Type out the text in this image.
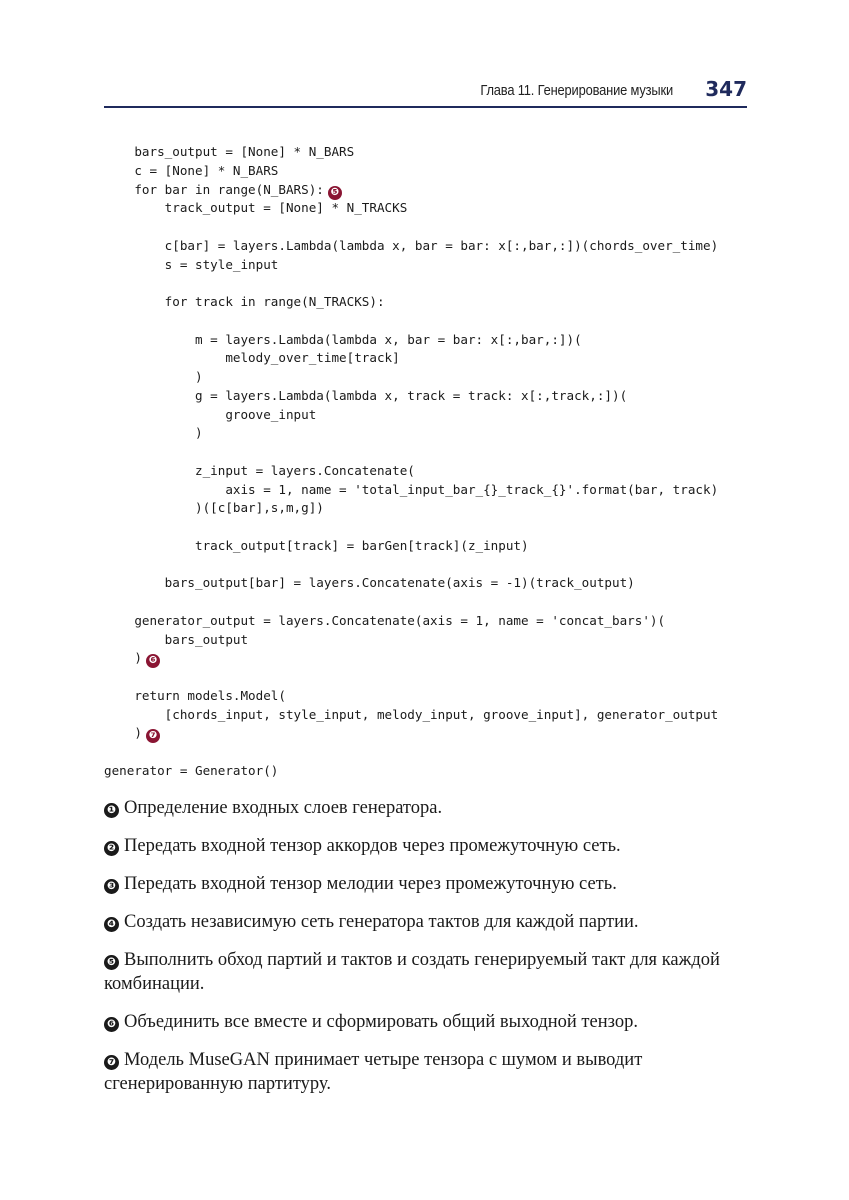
Глава 11. Генерирование музыки 347
bars_output = [None] * N_BARS
c = [None] * N_BARS
for bar in range(N_BARS): ❺
track_output = [None] * N_TRACKS
c[bar] = layers.Lambda(lambda x, bar = bar: x[:,bar,:])(chords_over_time)
s = style_input
for track in range(N_TRACKS):
m = layers.Lambda(lambda x, bar = bar: x[:,bar,:])(
melody_over_time[track]
)
g = layers.Lambda(lambda x, track = track: x[:,track,:])(
groove_input
)
z_input = layers.Concatenate(
axis = 1, name = 'total_input_bar_{}_track_{}'.format(bar, track)
)([c[bar],s,m,g])
track_output[track] = barGen[track](z_input)
bars_output[bar] = layers.Concatenate(axis = -1)(track_output)
generator_output = layers.Concatenate(axis = 1, name = 'concat_bars')(
bars_output
) ❻
return models.Model(
[chords_input, style_input, melody_input, groove_input], generator_output
) ❼
generator = Generator()
❶ Определение входных слоев генератора.
❷ Передать входной тензор аккордов через промежуточную сеть.
❸ Передать входной тензор мелодии через промежуточную сеть.
❹ Создать независимую сеть генератора тактов для каждой партии.
❺ Выполнить обход партий и тактов и создать генерируемый такт для каждой комбинации.
❻ Объединить все вместе и сформировать общий выходной тензор.
❼ Модель MuseGAN принимает четыре тензора с шумом и выводит сгенерированную партитуру.
